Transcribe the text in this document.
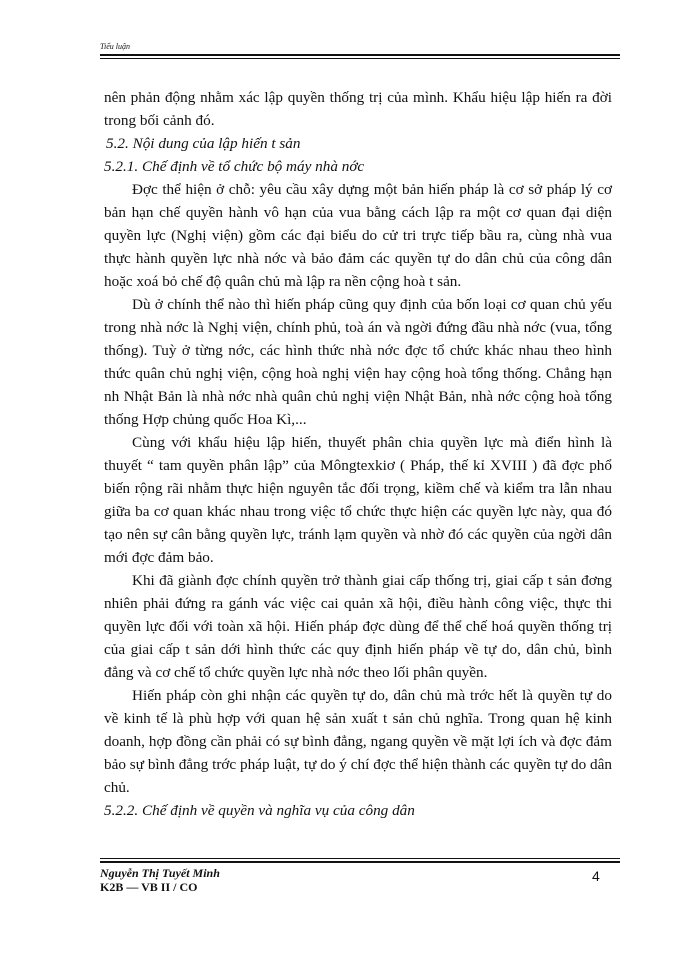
Tiểu luận

nên phản động nhằm xác lập quyền thống trị của mình. Khẩu hiệu lập hiến ra đời trong bối cảnh đó.

5.2. Nội dung của lập hiến t sản

5.2.1. Chế định về tổ chức bộ máy nhà nớc

Đợc thể hiện ở chỗ: yêu cầu xây dựng một bản hiến pháp là cơ sở pháp lý cơ bản hạn chế quyền hành vô hạn của vua bằng cách lập ra một cơ quan đại diện quyền lực (Nghị viện) gồm các đại biểu do cử tri trực tiếp bầu ra, cùng nhà vua thực hành quyền lực nhà nớc và bảo đảm các quyền tự do dân chủ của công dân hoặc xoá bỏ chế độ quân chủ mà lập ra nền cộng hoà t sản.

Dù ở chính thể nào thì hiến pháp cũng quy định của bốn loại cơ quan chủ yếu trong nhà nớc là Nghị viện, chính phủ, toà án và ngời đứng đầu nhà nớc (vua, tổng thống). Tuỳ ở từng nớc, các hình thức nhà nớc đợc tổ chức khác nhau theo hình thức quân chủ nghị viện, cộng hoà nghị viện hay cộng hoà tổng thống. Chẳng hạn nh Nhật Bản là nhà nớc nhà quân chủ nghị viện Nhật Bản, nhà nớc cộng hoà tổng thống Hợp chủng quốc Hoa Kì,...

Cùng với khẩu hiệu lập hiến, thuyết phân chia quyền lực mà điển hình là thuyết “ tam quyền phân lập” của Môngtexkiơ ( Pháp, thế kỉ XVIII ) đã đợc phổ biến rộng rãi nhằm thực hiện nguyên tắc đối trọng, kiềm chế và kiểm tra lẫn nhau giữa ba cơ quan khác nhau trong việc tổ chức thực hiện các quyền lực này, qua đó tạo nên sự cân bằng quyền lực, tránh lạm quyền và nhờ đó các quyền của ngời dân mới đợc đảm bảo.

Khi đã giành đợc chính quyền trở thành giai cấp thống trị, giai cấp t sản đơng nhiên phải đứng ra gánh vác việc cai quản xã hội, điều hành công việc, thực thi quyền lực đối với toàn xã hội. Hiến pháp đợc dùng để thể chế hoá quyền thống trị của giai cấp t sản dới hình thức các quy định hiến pháp về tự do, dân chủ, bình đẳng và cơ chế tổ chức quyền lực nhà nớc theo lối phân quyền.

Hiến pháp còn ghi nhận các quyền tự do, dân chủ mà trớc hết là quyền tự do về kinh tế là phù hợp với quan hệ sản xuất t sản chủ nghĩa. Trong quan hệ kinh doanh, hợp đồng cần phải có sự bình đẳng, ngang quyền về mặt lợi ích và đợc đảm bảo sự bình đẳng trớc pháp luật, tự do ý chí đợc thể hiện thành các quyền tự do dân chủ.

5.2.2. Chế định về quyền và nghĩa vụ của công dân

Nguyễn Thị Tuyết Minh
K2B — VB II / CO
4
